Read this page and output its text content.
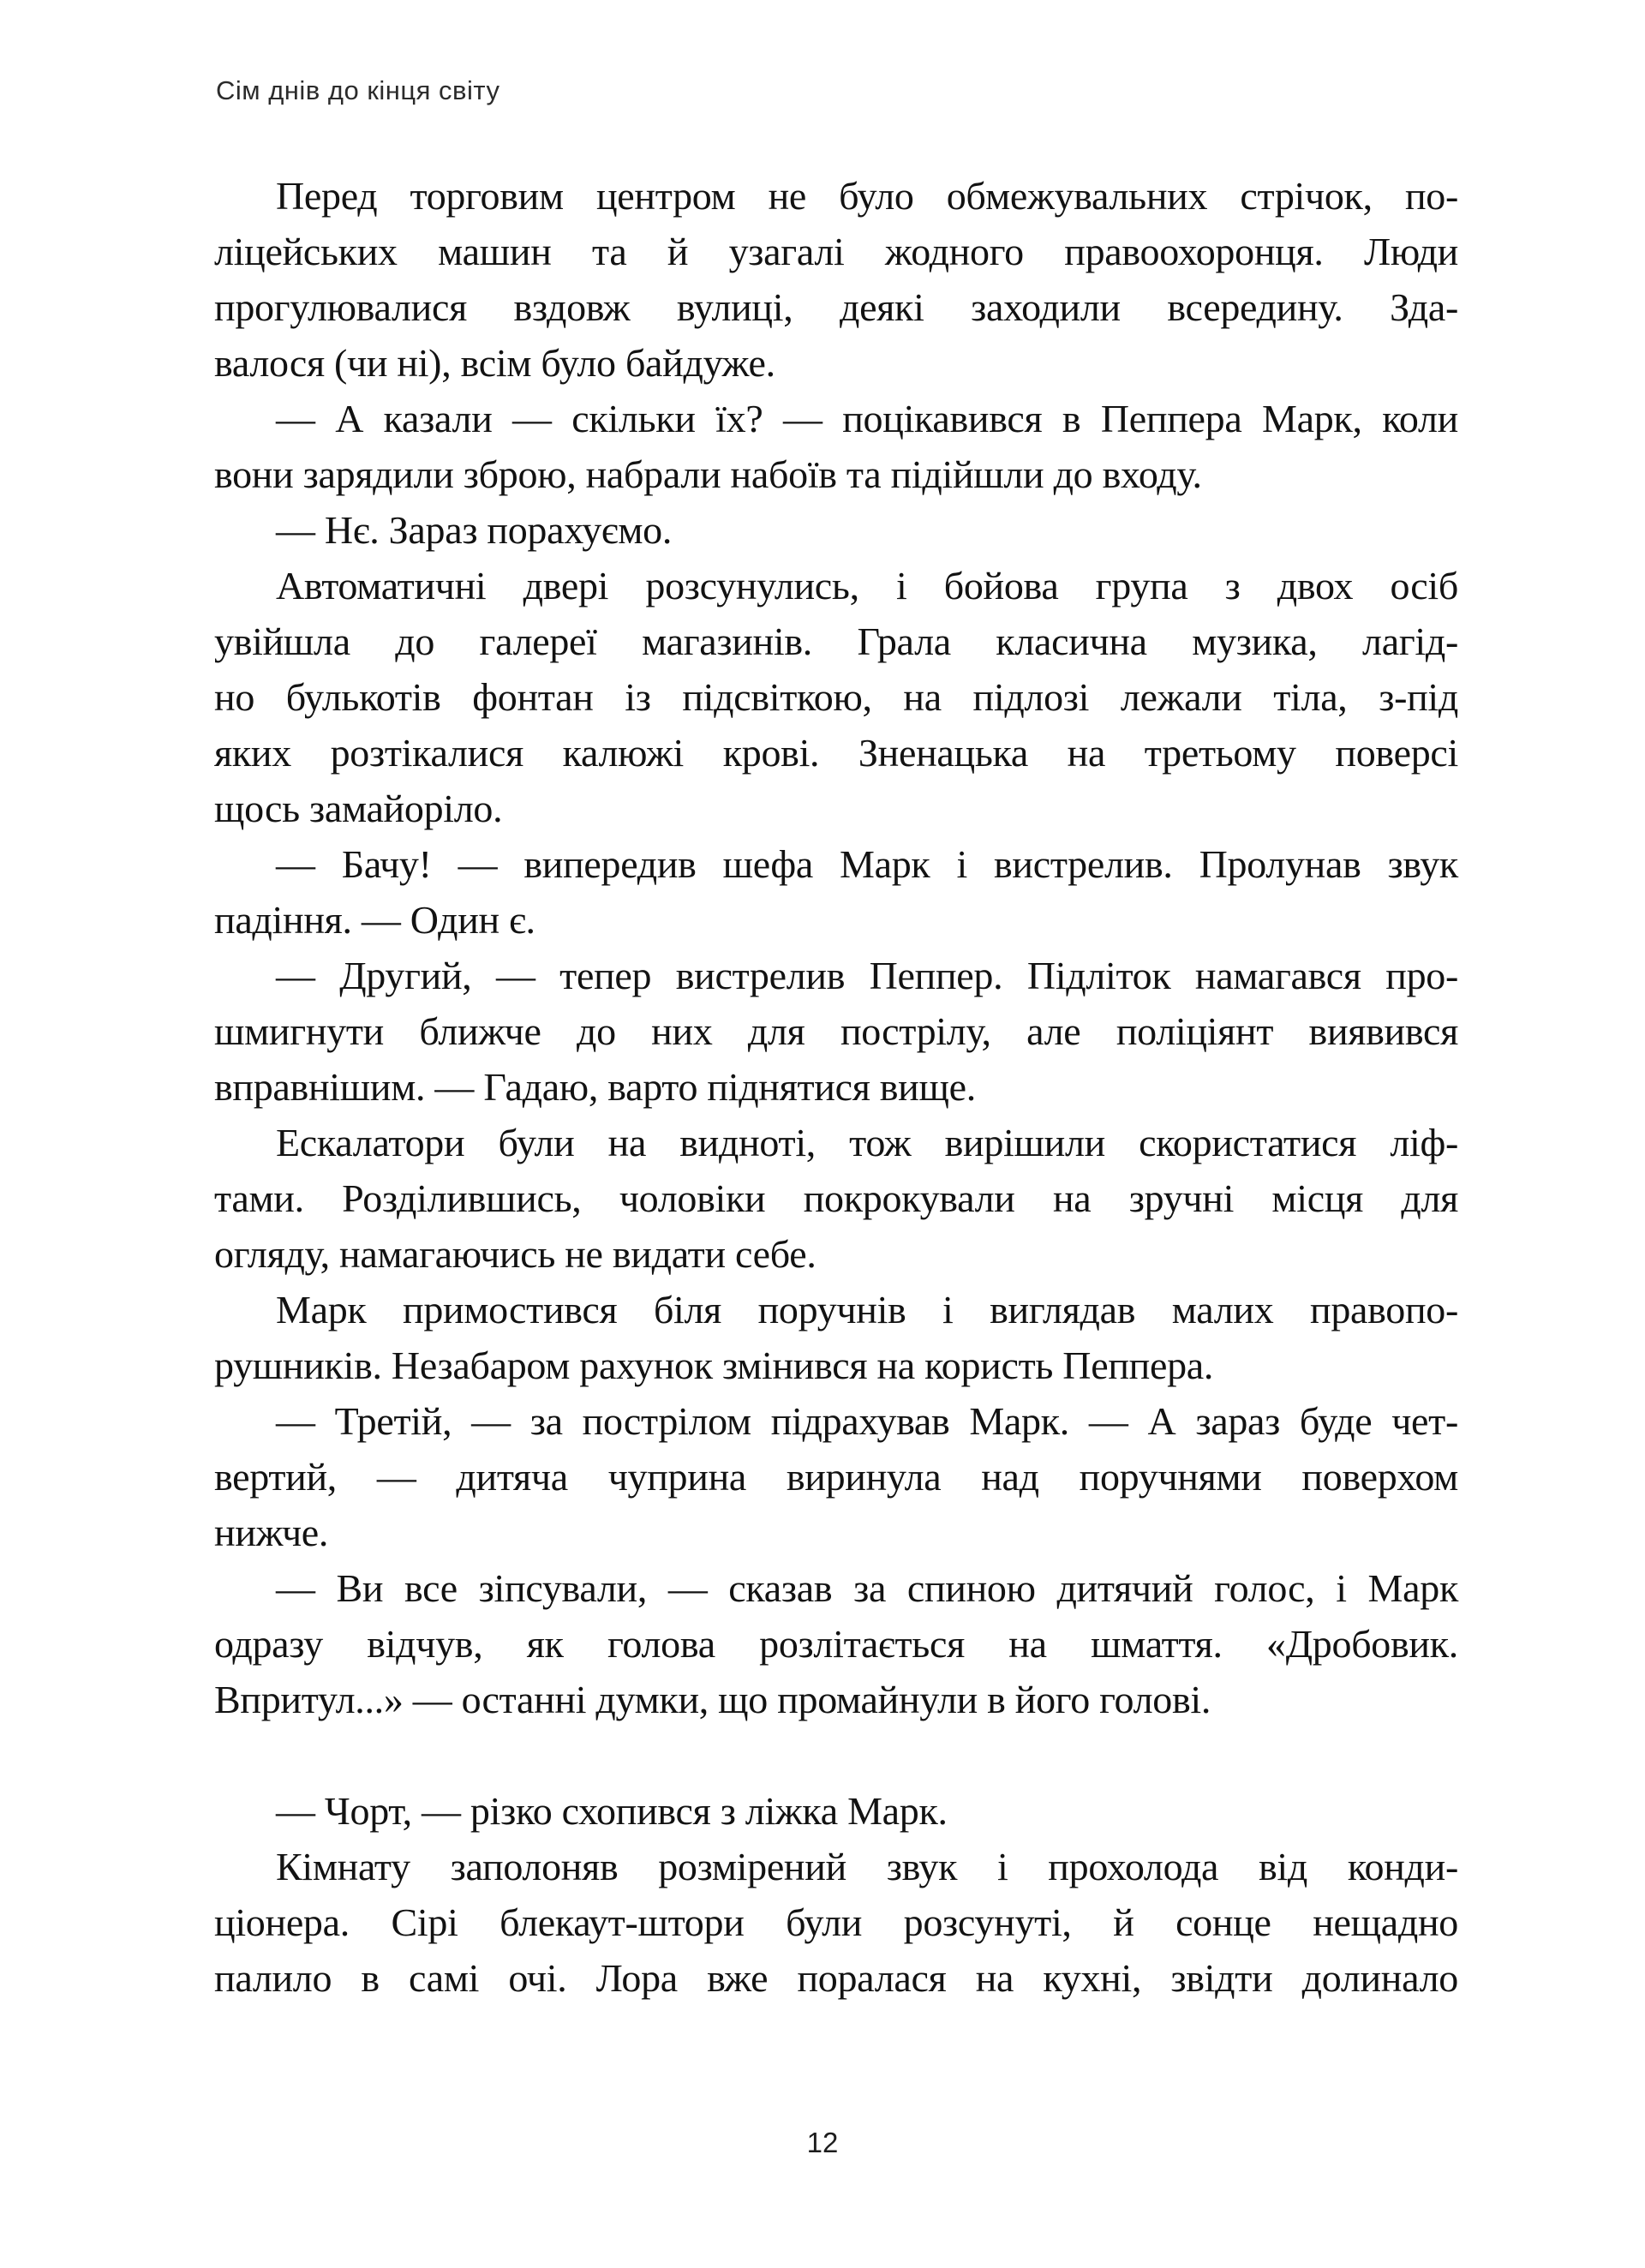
Сім днів до кінця світу
Перед торговим центром не було обмежувальних стрічок, по-
ліцейських машин та й узагалі жодного правоохоронця. Люди
прогулювалися вздовж вулиці, деякі заходили всередину. Зда-
валося (чи ні), всім було байдуже.
— А казали — скільки їх? — поцікавився в Пеппера Марк, коли
вони зарядили зброю, набрали набоїв та підійшли до входу.
— Нє. Зараз порахуємо.
Автоматичні двері розсунулись, і бойова група з двох осіб
увійшла до галереї магазинів. Грала класична музика, лагід-
но булькотів фонтан із підсвіткою, на підлозі лежали тіла, з-під
яких розтікалися калюжі крові. Зненацька на третьому поверсі
щось замайоріло.
— Бачу! — випередив шефа Марк і вистрелив. Пролунав звук
падіння. — Один є.
— Другий, — тепер вистрелив Пеппер. Підліток намагався про-
шмигнути ближче до них для пострілу, але поліціянт виявився
вправнішим. — Гадаю, варто піднятися вище.
Ескалатори були на видноті, тож вирішили скористатися ліф-
тами. Розділившись, чоловіки покрокували на зручні місця для
огляду, намагаючись не видати себе.
Марк примостився біля поручнів і виглядав малих правопо-
рушників. Незабаром рахунок змінився на користь Пеппера.
— Третій, — за пострілом підрахував Марк. — А зараз буде чет-
вертий, — дитяча чуприна виринула над поручнями поверхом
нижче.
— Ви все зіпсували, — сказав за спиною дитячий голос, і Марк
одразу відчув, як голова розлітається на шмаття. «Дробовик.
Впритул...» — останні думки, що промайнули в його голові.
— Чорт, — різко схопився з ліжка Марк.
Кімнату заполоняв розмірений звук і прохолода від конди-
ціонера. Сірі блекаут-штори були розсунуті, й сонце нещадно
палило в самі очі. Лора вже поралася на кухні, звідти долинало
12
